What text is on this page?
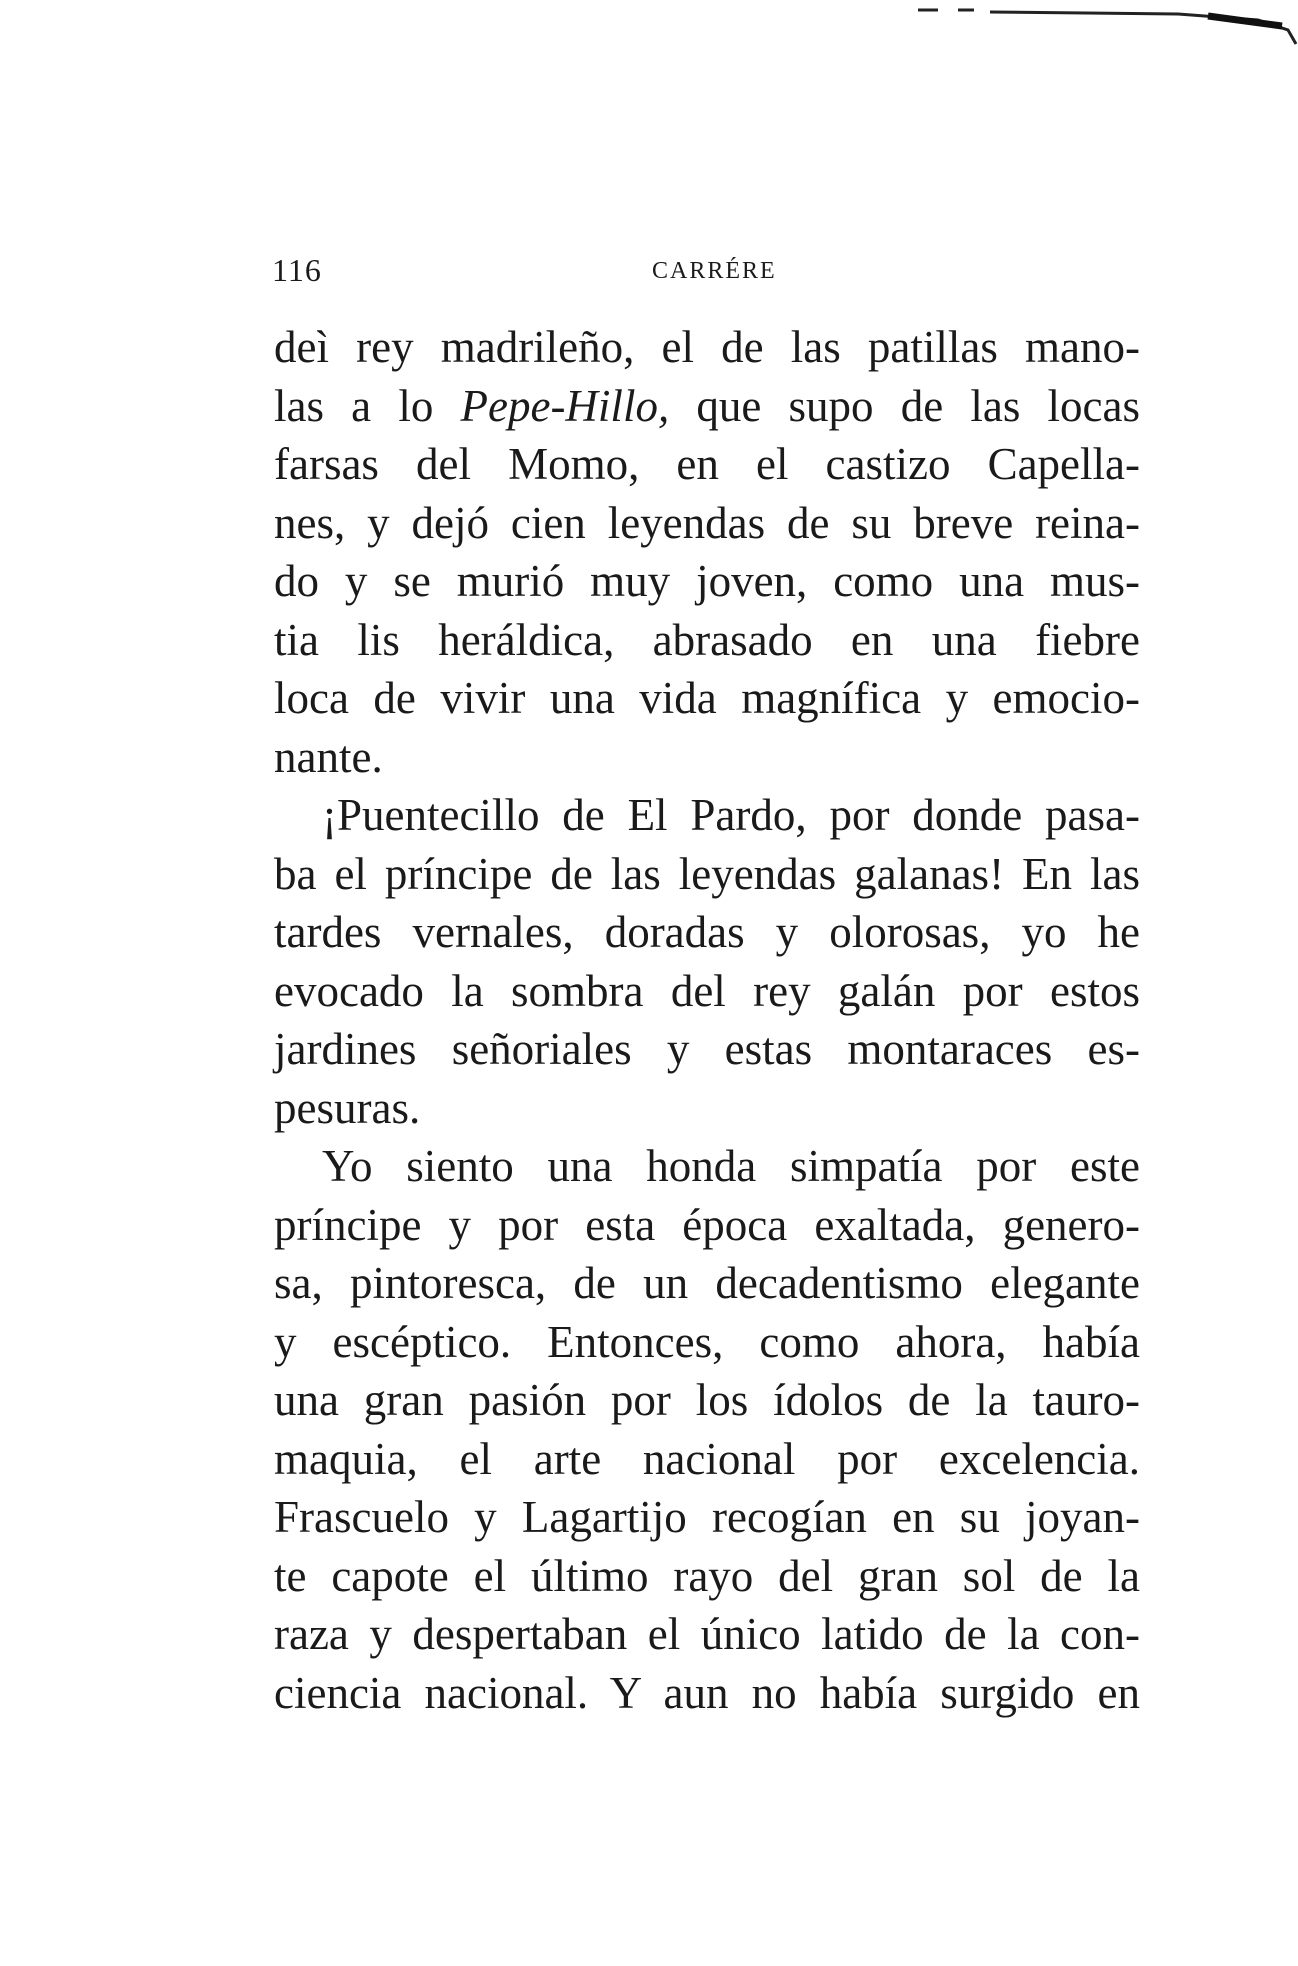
116	CARRÉRE
deì rey madrileño, el de las patillas mano-
las a lo Pepe-Hillo, que supo de las locas
farsas del Momo, en el castizo Capella-
nes, y dejó cien leyendas de su breve reina-
do y se murió muy joven, como una mus-
tia lis heráldica, abrasado en una fiebre
loca de vivir una vida magnífica y emocio-
nante.
¡Puentecillo de El Pardo, por donde pasa-
ba el príncipe de las leyendas galanas! En las
tardes vernales, doradas y olorosas, yo he
evocado la sombra del rey galán por estos
jardines señoriales y estas montaraces es-
pesuras.
Yo siento una honda simpatía por este
príncipe y por esta época exaltada, genero-
sa, pintoresca, de un decadentismo elegante
y escéptico. Entonces, como ahora, había
una gran pasión por los ídolos de la tauro-
maquia, el arte nacional por excelencia.
Frascuelo y Lagartijo recogían en su joyan-
te capote el último rayo del gran sol de la
raza y despertaban el único latido de la con-
ciencia nacional. Y aun no había surgido en
